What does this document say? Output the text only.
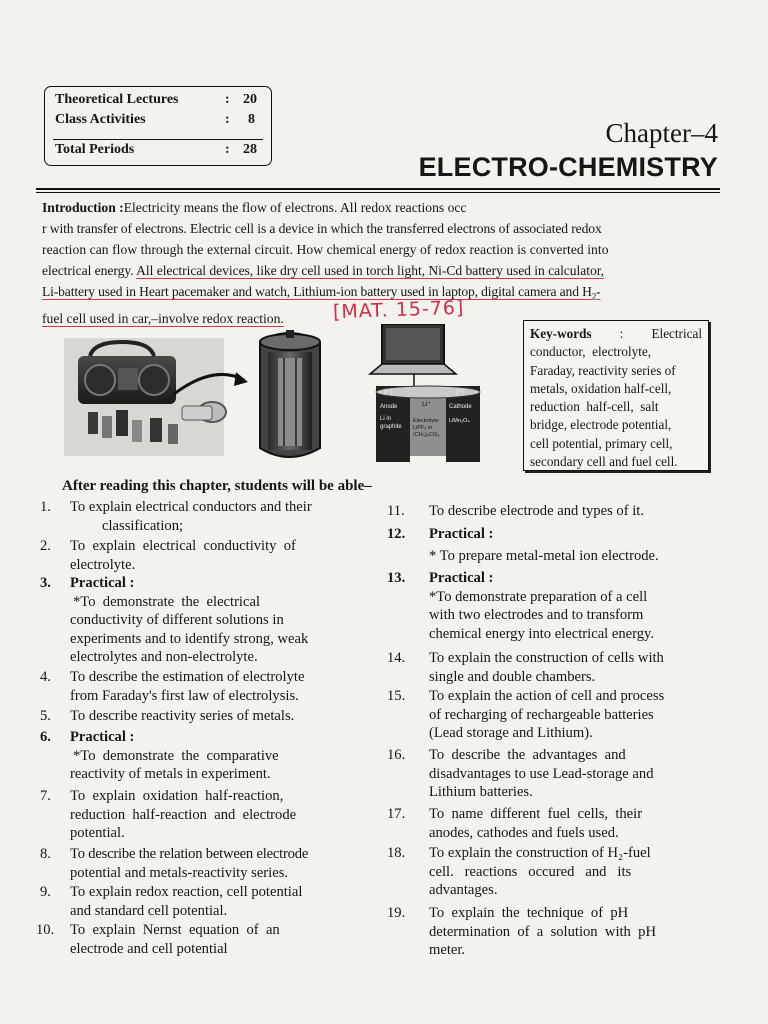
Theoretical Lectures	: 20
Class Activities	: 8
Total Periods	: 28
Chapter–4
ELECTRO-CHEMISTRY
Introduction :Electricity means the flow of electrons. All redox reactions occ
r with transfer of electrons. Electric cell is a device in which the transferred electrons of associated redox
reaction can flow through the external circuit. How chemical energy of redox reaction is converted into
electrical energy. All electrical devices, like dry cell used in torch light, Ni-Cd battery used in calculator,
Li-battery used in Heart pacemaker and watch, Lithium-ion battery used in laptop, digital camera and $H_2-$
fuel cell used in car,–involve redox reaction.	[MAT. 15-76]
(−)	(+)
Anode
Li in
graphite
Li⁺
Electrolyte
LiPF₆ in
(CH₃)₂CO₃
Cathode
LiMn₂O₄
Key-words : Electrical
conductor,  electrolyte,
Faraday, reactivity series of
metals, oxidation half-cell,
reduction  half-cell,  salt
bridge, electrode potential,
cell potential, primary cell,
secondary cell and fuel cell.
After reading this chapter, students will be able–
1. To explain electrical conductors and their
classification;
2. To  explain  electrical  conductivity  of
electrolyte.
3. Practical :
*To  demonstrate  the  electrical
conductivity of different solutions in
experiments and to identify strong, weak
electrolytes and non-electrolyte.
4. To describe the estimation of electrolyte
from Faraday's first law of electrolysis.
5. To describe reactivity series of metals.
6. Practical :
*To  demonstrate  the  comparative
reactivity of metals in experiment.
7. To  explain  oxidation  half-reaction,
reduction  half-reaction  and  electrode
potential.
8. To describe the relation between electrode
potential and metals-reactivity series.
9. To explain redox reaction, cell potential
and standard cell potential.
10. To  explain  Nernst  equation  of  an
electrode and cell potential
11. To describe electrode and types of it.
12. Practical :
* To prepare metal-metal ion electrode.
13. Practical :
*To demonstrate preparation of a cell
with two electrodes and to transform
chemical energy into electrical energy.
14. To explain the construction of cells with
single and double chambers.
15. To explain the action of cell and process
of recharging of rechargeable batteries
(Lead storage and Lithium).
16. To  describe  the  advantages  and
disadvantages to use Lead-storage and
Lithium batteries.
17. To  name  different  fuel  cells,  their
anodes, cathodes and fuels used.
18. To explain the construction of H₂-fuel
cell.   reactions   occured   and   its
advantages.
19. To  explain  the  technique  of  pH
determination  of  a  solution  with  pH
meter.
